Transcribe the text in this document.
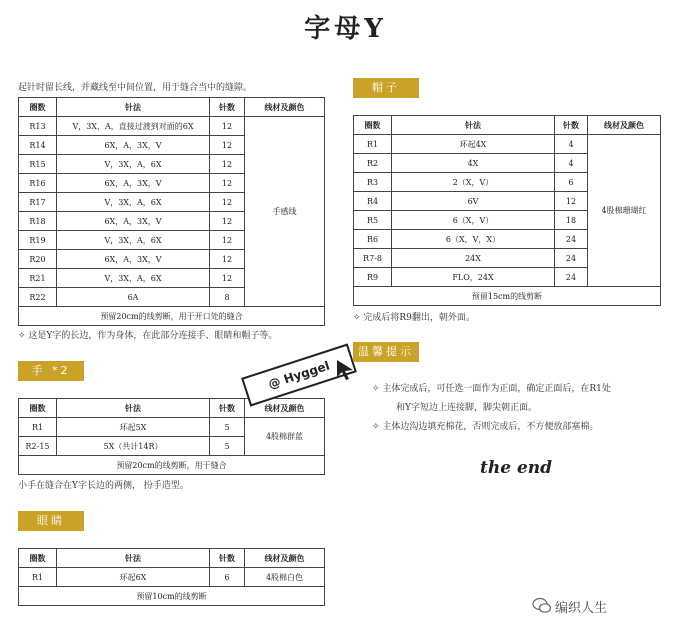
字母Y
起针时留长线，并藏线至中间位置，用于缝合当中的缝隙。
圈数	针法	针数	线材及颜色
R13	V，3X，A，直接过渡到对面的6X	12	手感线
R14	6X，A，3X，V	12	
R15	V，3X，A，6X	12	
R16	6X，A，3X，V	12	
R17	V，3X，A，6X	12	
R18	6X，A，3X，V	12	
R19	V，3X，A，6X	12	
R20	6X，A，3X，V	12	
R21	V，3X，A，6X	12	
R22	6A	8	
预留20cm的线剪断，用于开口处的缝合			
✧ 这是Y字的长边，作为身体，在此部分连接手、眼睛和帽子等。
手 *2
圈数	针法	针数	线材及颜色
R1	环起5X	5	4股棉群蓝
R2-15	5X（共计14R）	5	
预留20cm的线剪断，用于缝合			
小手在缝合在Y字长边的两侧， 扮手造型。
眼睛
圈数	针法	针数	线材及颜色
R1	环起6X	6	4股棉白色
预留10cm的线剪断			
@ Hyggel
帽子
圈数	针法	针数	线材及颜色
R1	环起4X	4	4股棉珊瑚红
R2	4X	4	
R3	2（X，V）	6	
R4	6V	12	
R5	6（X，V）	18	
R6	6（X，V，X）	24	
R7-8	24X	24	
R9	FLO，24X	24	
预留15cm的线剪断			
✧ 完成后将R9翻出，朝外面。
温馨提示
✧ 主体完成后，可任选一面作为正面，确定正面后，在R1处
和Y字短边上连接脚，脚尖朝正面。
✧ 主体边沟边填充棉花，否则完成后，不方便放部塞棉。
the end
编织人生
